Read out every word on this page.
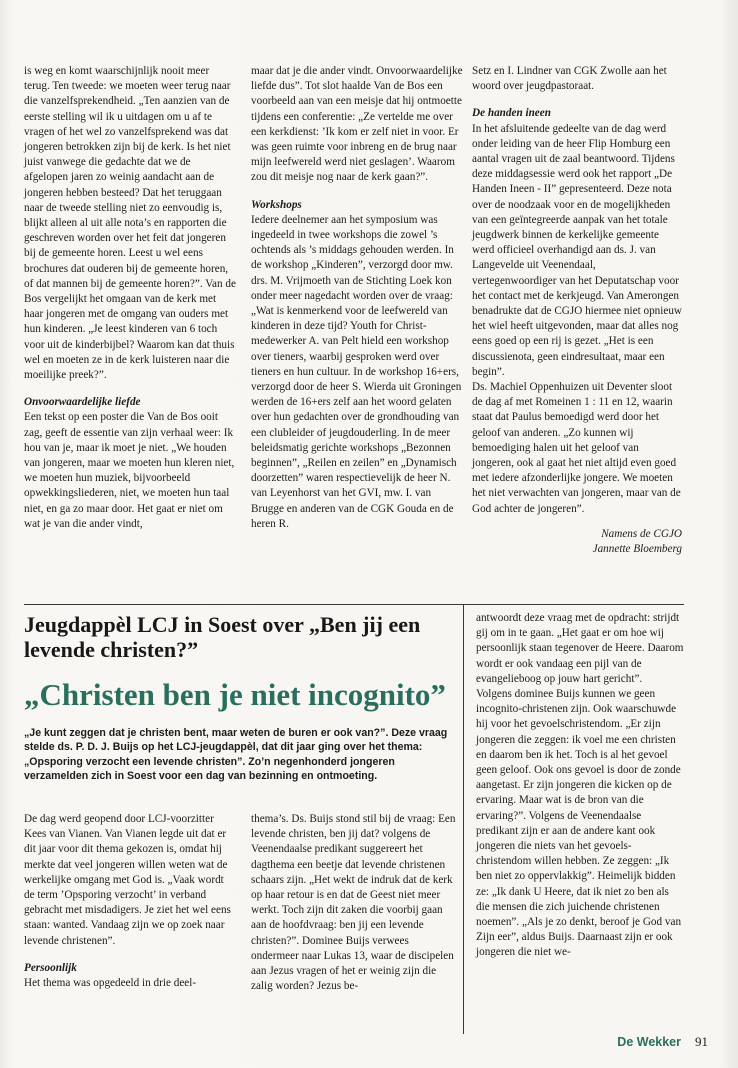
is weg en komt waarschijnlijk nooit meer terug. Ten tweede: we moeten weer terug naar die vanzelfsprekendheid. „Ten aanzien van de eerste stelling wil ik u uitdagen om u af te vragen of het wel zo vanzelfsprekend was dat jongeren betrokken zijn bij de kerk. Is het niet juist vanwege die gedachte dat we de afgelopen jaren zo weinig aandacht aan de jongeren hebben besteed? Dat het teruggaan naar de tweede stelling niet zo eenvoudig is, blijkt alleen al uit alle nota’s en rapporten die geschreven worden over het feit dat jongeren bij de gemeente horen. Leest u wel eens brochures dat ouderen bij de gemeente horen, of dat mannen bij de gemeente horen?”. Van de Bos vergelijkt het omgaan van de kerk met haar jongeren met de omgang van ouders met hun kinderen. „Je leest kinderen van 6 toch voor uit de kinderbijbel? Waarom kan dat thuis wel en moeten ze in de kerk luisteren naar die moeilijke preek?”.

Onvoorwaardelijke liefde

Een tekst op een poster die Van de Bos ooit zag, geeft de essentie van zijn verhaal weer: Ik hou van je, maar ik moet je niet. „We houden van jongeren, maar we moeten hun kleren niet, we moeten hun muziek, bijvoorbeeld opwekkingsliederen, niet, we moeten hun taal niet, en ga zo maar door. Het gaat er niet om wat je van die ander vindt,

maar dat je die ander vindt. Onvoorwaardelijke liefde dus”. Tot slot haalde Van de Bos een voorbeeld aan van een meisje dat hij ontmoette tijdens een conferentie: „Ze vertelde me over een kerkdienst: ’Ik kom er zelf niet in voor. Er was geen ruimte voor inbreng en de brug naar mijn leefwereld werd niet geslagen’. Waarom zou dit meisje nog naar de kerk gaan?”.

Workshops

Iedere deelnemer aan het symposium was ingedeeld in twee workshops die zowel ’s ochtends als ’s middags gehouden werden. In de workshop „Kinderen”, verzorgd door mw. drs. M. Vrijmoeth van de Stichting Loek kon onder meer nagedacht worden over de vraag: „Wat is kenmerkend voor de leefwereld van kinderen in deze tijd? Youth for Christ-medewerker A. van Pelt hield een workshop over tieners, waarbij gesproken werd over tieners en hun cultuur. In de workshop 16+ers, verzorgd door de heer S. Wierda uit Groningen werden de 16+ers zelf aan het woord gelaten over hun gedachten over de grondhouding van een clubleider of jeugdouderling. In de meer beleidsmatig gerichte workshops „Bezonnen beginnen”, „Reilen en zeilen” en „Dynamisch doorzetten” waren respectievelijk de heer N. van Leyenhorst van het GVI, mw. I. van Brugge en anderen van de CGK Gouda en de heren R.

Setz en I. Lindner van CGK Zwolle aan het woord over jeugdpastoraat.

De handen ineen

In het afsluitende gedeelte van de dag werd onder leiding van de heer Flip Homburg een aantal vragen uit de zaal beantwoord. Tijdens deze middagsessie werd ook het rapport „De Handen Ineen - II” gepresenteerd. Deze nota over de noodzaak voor en de mogelijkheden van een geïntegreerde aanpak van het totale jeugdwerk binnen de kerkelijke gemeente werd officieel overhandigd aan ds. J. van Langevelde uit Veenendaal, vertegenwoordiger van het Deputatschap voor het contact met de kerkjeugd. Van Amerongen benadrukte dat de CGJO hiermee niet opnieuw het wiel heeft uitgevonden, maar dat alles nog eens goed op een rij is gezet. „Het is een discussienota, geen eindresultaat, maar een begin”.

Ds. Machiel Oppenhuizen uit Deventer sloot de dag af met Romeinen 1 : 11 en 12, waarin staat dat Paulus bemoedigd werd door het geloof van anderen. „Zo kunnen wij bemoediging halen uit het geloof van jongeren, ook al gaat het niet altijd even goed met iedere afzonderlijke jongere. We moeten het niet verwachten van jongeren, maar van de God achter de jongeren”.

Namens de CGJO
Jannette Bloemberg

Jeugdappèl LCJ in Soest over „Ben jij een levende christen?”
„Christen ben je niet incognito”

„Je kunt zeggen dat je christen bent, maar weten de buren er ook van?”. Deze vraag stelde ds. P. D. J. Buijs op het LCJ-jeugdappèl, dat dit jaar ging over het thema: „Opsporing verzocht een levende christen”. Zo’n negenhonderd jongeren verzamelden zich in Soest voor een dag van bezinning en ontmoeting.

De dag werd geopend door LCJ-voorzitter Kees van Vianen. Van Vianen legde uit dat er dit jaar voor dit thema gekozen is, omdat hij merkte dat veel jongeren willen weten wat de werkelijke omgang met God is. „Vaak wordt de term ’Opsporing verzocht’ in verband gebracht met misdadigers. Je ziet het wel eens staan: wanted. Vandaag zijn we op zoek naar levende christenen”.

Persoonlijk

Het thema was opgedeeld in drie deel-

thema’s. Ds. Buijs stond stil bij de vraag: Een levende christen, ben jij dat? volgens de Veenendaalse predikant suggereert het dagthema een beetje dat levende christenen schaars zijn. „Het wekt de indruk dat de kerk op haar retour is en dat de Geest niet meer werkt. Toch zijn dit zaken die voorbij gaan aan de hoofdvraag: ben jij een levende christen?”. Dominee Buijs verwees ondermeer naar Lukas 13, waar de discipelen aan Jezus vragen of het er weinig zijn die zalig worden? Jezus be-

antwoordt deze vraag met de opdracht: strijdt gij om in te gaan. „Het gaat er om hoe wij persoonlijk staan tegenover de Heere. Daarom wordt er ook vandaag een pijl van de evangelieboog op jouw hart gericht”.

Volgens dominee Buijs kunnen we geen incognito-christenen zijn. Ook waarschuwde hij voor het gevoelschristendom. „Er zijn jongeren die zeggen: ik voel me een christen en daarom ben ik het. Toch is al het gevoel geen geloof. Ook ons gevoel is door de zonde aangetast. Er zijn jongeren die kicken op de ervaring. Maar wat is de bron van die ervaring?”. Volgens de Veenendaalse predikant zijn er aan de andere kant ook jongeren die niets van het gevoels-christendom willen hebben. Ze zeggen: „Ik ben niet zo oppervlakkig”. Heimelijk bidden ze: „Ik dank U Heere, dat ik niet zo ben als die mensen die zich juichende christenen noemen”. „Als je zo denkt, beroof je God van Zijn eer”, aldus Buijs. Daarnaast zijn er ook jongeren die niet we-

De Wekker 91
